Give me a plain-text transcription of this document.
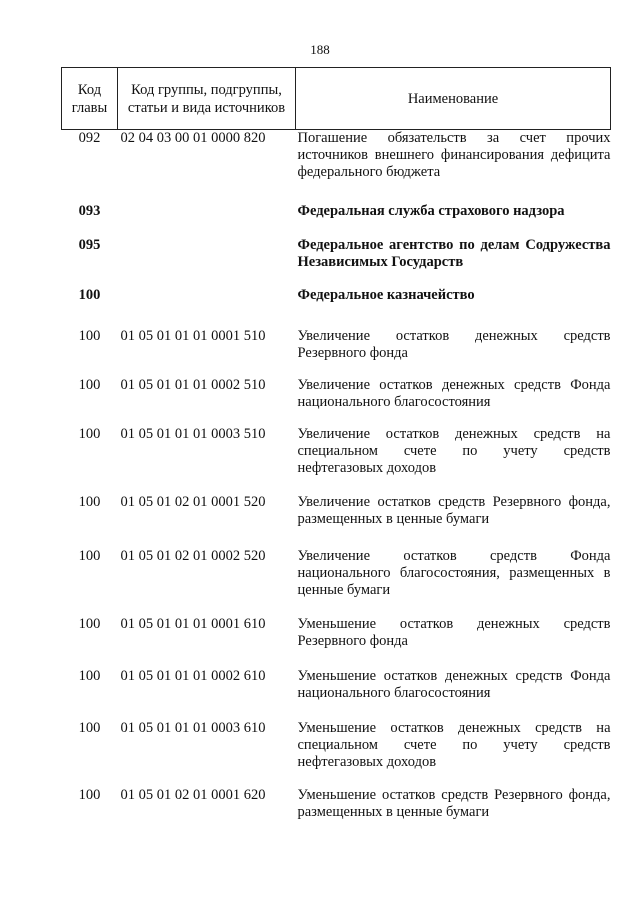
188
Код главы	Код группы, подгруппы, статьи и вида источников	Наименование
092	02 04 03 00 01 0000 820	Погашение обязательств за счет прочих источников внешнего финансирования дефицита федерального бюджета

093		Федеральная служба страхового надзора

095		Федеральное агентство по делам Содружества Независимых Государств

100		Федеральное казначейство

100	01 05 01 01 01 0001 510	Увеличение остатков денежных средств Резервного фонда

100	01 05 01 01 01 0002 510	Увеличение остатков денежных средств Фонда национального благосостояния

100	01 05 01 01 01 0003 510	Увеличение остатков денежных средств на специальном счете по учету средств нефтегазовых доходов

100	01 05 01 02 01 0001 520	Увеличение остатков средств Резервного фонда, размещенных в ценные бумаги

100	01 05 01 02 01 0002 520	Увеличение остатков средств Фонда национального благосостояния, размещенных в ценные бумаги

100	01 05 01 01 01 0001 610	Уменьшение остатков денежных средств Резервного фонда

100	01 05 01 01 01 0002 610	Уменьшение остатков денежных средств Фонда национального благосостояния

100	01 05 01 01 01 0003 610	Уменьшение остатков денежных средств на специальном счете по учету средств нефтегазовых доходов

100	01 05 01 02 01 0001 620	Уменьшение остатков средств Резервного фонда, размещенных в ценные бумаги
